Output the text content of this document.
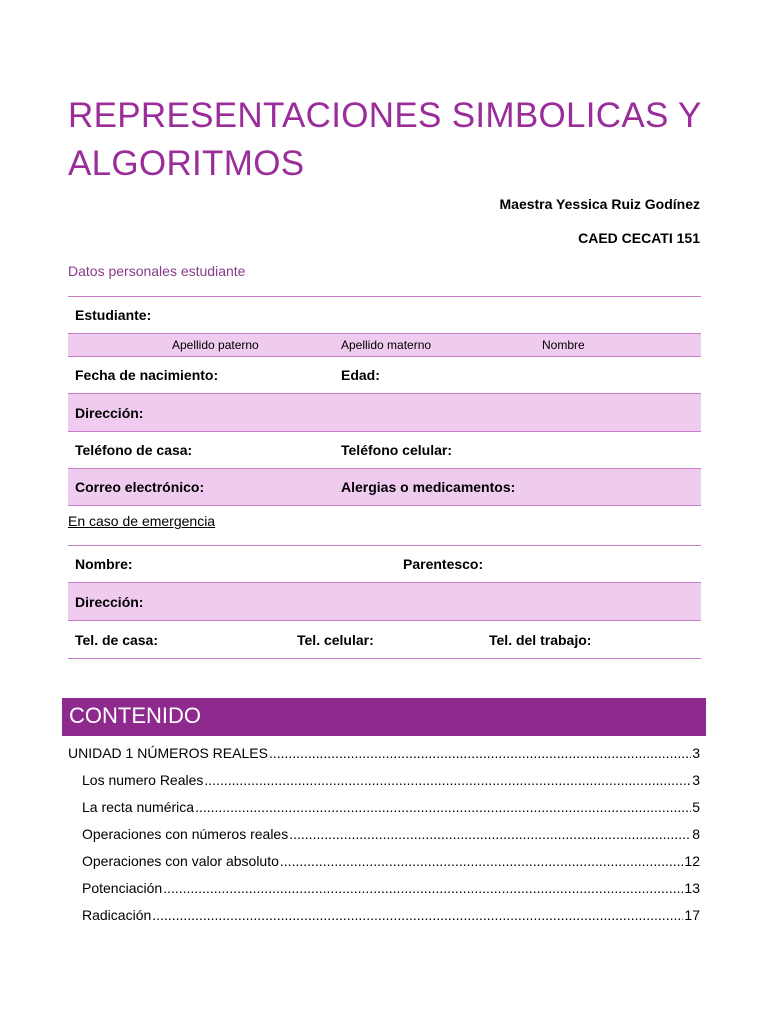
REPRESENTACIONES SIMBOLICAS Y ALGORITMOS
Maestra Yessica Ruiz Godínez
CAED CECATI 151
Datos personales estudiante
Estudiante:
Apellido paterno	Apellido materno	Nombre
Fecha de nacimiento:	Edad:
Dirección:
Teléfono de casa:	Teléfono celular:
Correo electrónico:	Alergias o medicamentos:
En caso de emergencia
Nombre:	Parentesco:
Dirección:
Tel. de casa:	Tel. celular:	Tel. del trabajo:
CONTENIDO
UNIDAD 1 NÚMEROS REALES .....	3
Los numero Reales .....	3
La recta numérica .....	5
Operaciones con números reales .....	8
Operaciones con valor absoluto .....	12
Potenciación .....	13
Radicación .....	17
